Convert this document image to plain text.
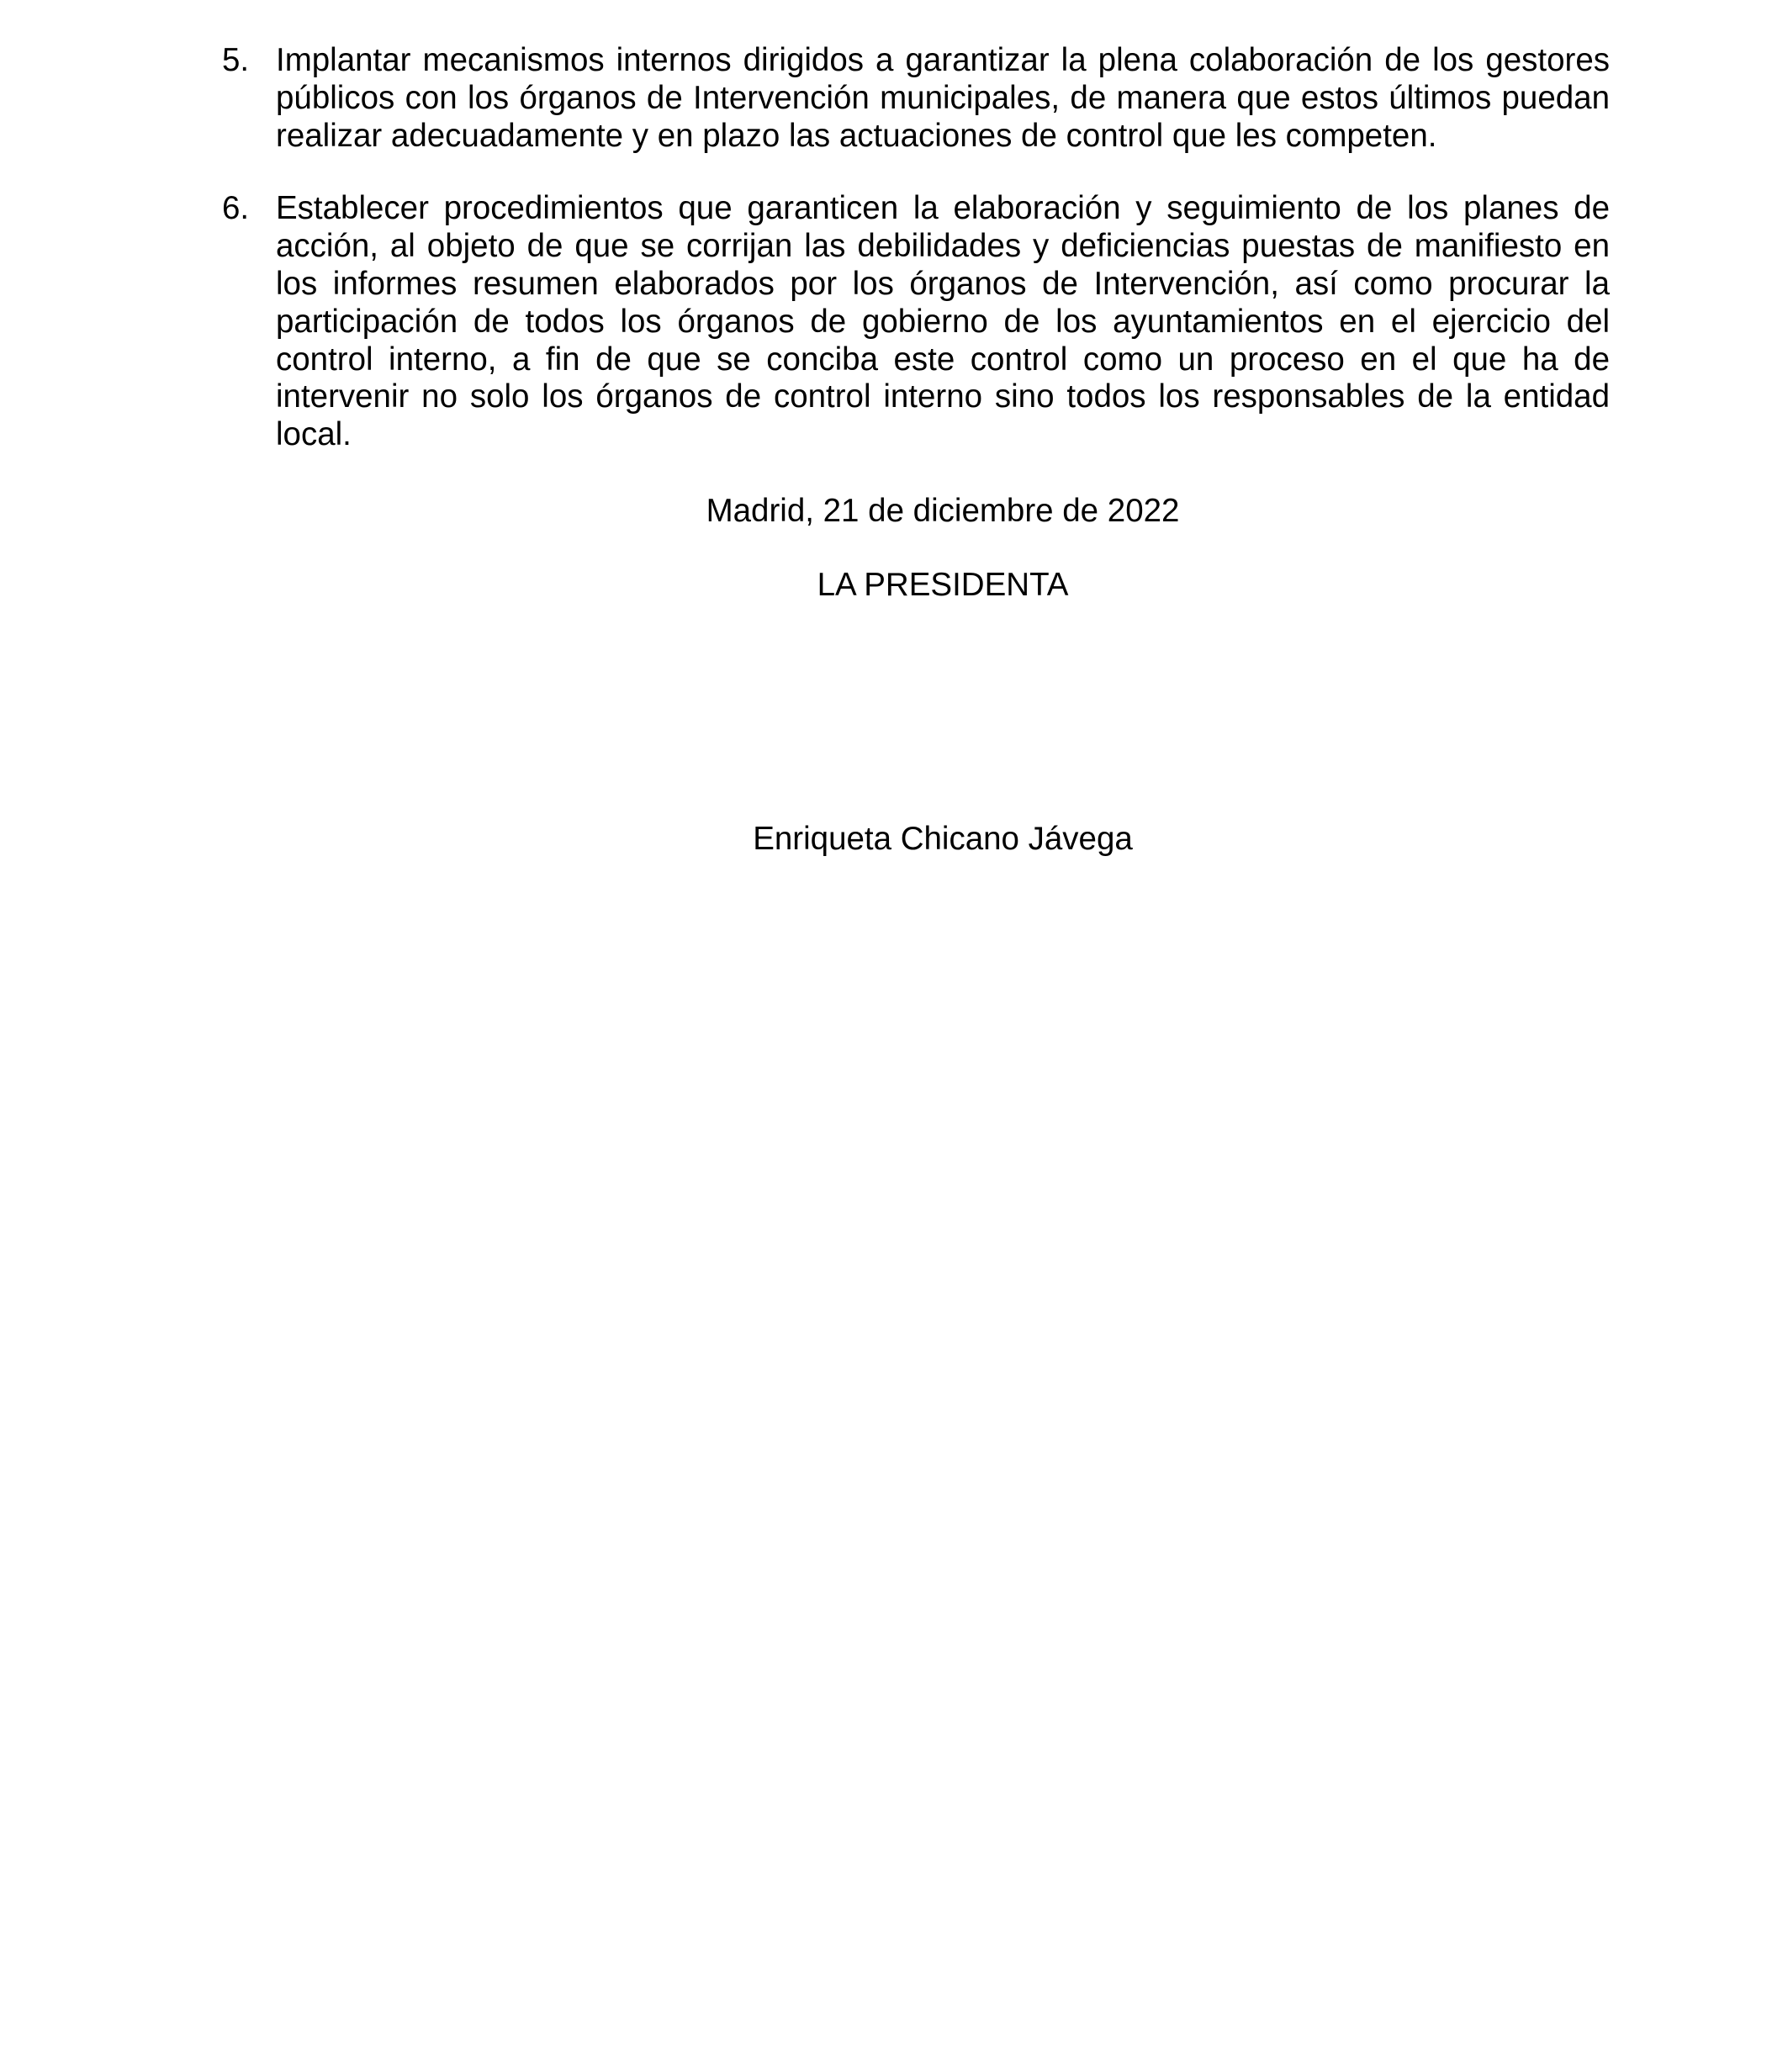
5. Implantar mecanismos internos dirigidos a garantizar la plena colaboración de los gestores públicos con los órganos de Intervención municipales, de manera que estos últimos puedan realizar adecuadamente y en plazo las actuaciones de control que les competen.
6. Establecer procedimientos que garanticen la elaboración y seguimiento de los planes de acción, al objeto de que se corrijan las debilidades y deficiencias puestas de manifiesto en los informes resumen elaborados por los órganos de Intervención, así como procurar la participación de todos los órganos de gobierno de los ayuntamientos en el ejercicio del control interno, a fin de que se conciba este control como un proceso en el que ha de intervenir no solo los órganos de control interno sino todos los responsables de la entidad local.
Madrid, 21 de diciembre de 2022
LA PRESIDENTA
Enriqueta Chicano Jávega
